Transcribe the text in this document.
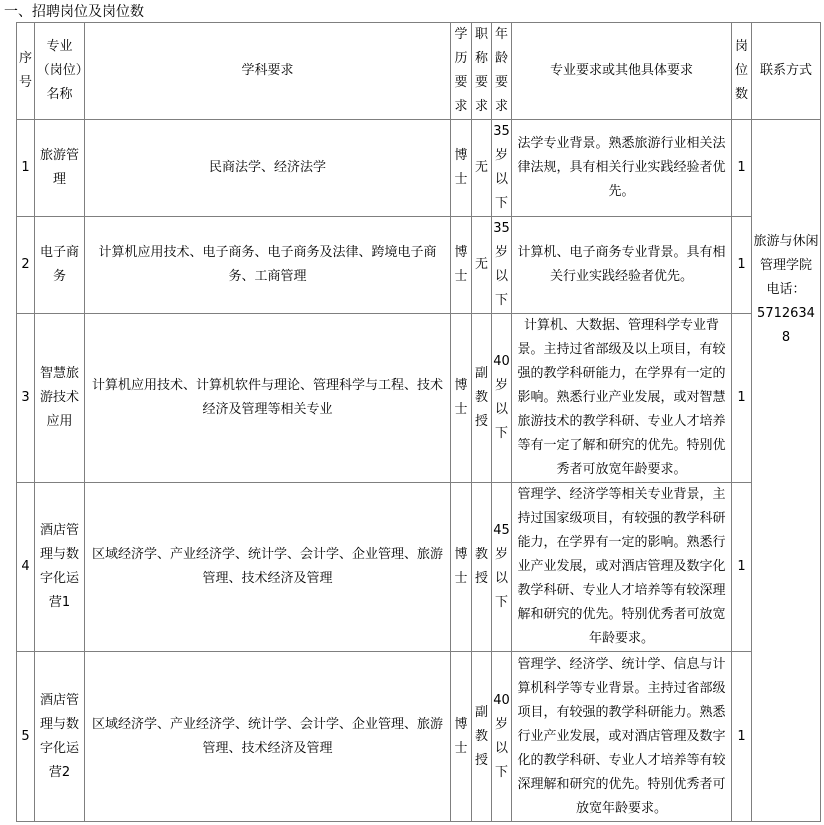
一、招聘岗位及岗位数
序号	专业（岗位）名称	学科要求	学历要求	职称要求	年龄要求	专业要求或其他具体要求	岗位数	联系方式
1	旅游管理	民商法学、经济法学	博士	无	35岁以下	法学专业背景。熟悉旅游行业相关法律法规，具有相关行业实践经验者优先。	1	旅游与休闲管理学院
电话：
57126348

2	电子商务	计算机应用技术、电子商务、电子商务及法律、跨境电子商务、工商管理	博士	无	35岁以下	计算机、电子商务专业背景。具有相关行业实践经验者优先。	1	
3	智慧旅游技术应用	计算机应用技术、计算机软件与理论、管理科学与工程、技术经济及管理等相关专业	博士	副教授	40岁以下	计算机、大数据、管理科学专业背景。主持过省部级及以上项目，有较强的教学科研能力，在学界有一定的影响。熟悉行业产业发展，或对智慧旅游技术的教学科研、专业人才培养等有一定了解和研究的优先。特别优秀者可放宽年龄要求。	1	
4	酒店管理与数字化运营1	区域经济学、产业经济学、统计学、会计学、企业管理、旅游管理、技术经济及管理	博士	教授	45岁以下	管理学、经济学等相关专业背景，主持过国家级项目，有较强的教学科研能力，在学界有一定的影响。熟悉行业产业发展，或对酒店管理及数字化教学科研、专业人才培养等有较深理解和研究的优先。特别优秀者可放宽年龄要求。	1	
5	酒店管理与数字化运营2	区域经济学、产业经济学、统计学、会计学、企业管理、旅游管理、技术经济及管理	博士	副教授	40岁以下	管理学、经济学、统计学、信息与计算机科学等专业背景。主持过省部级项目，有较强的教学科研能力。熟悉行业产业发展，或对酒店管理及数字化的教学科研、专业人才培养等有较深理解和研究的优先。特别优秀者可放宽年龄要求。	1	
